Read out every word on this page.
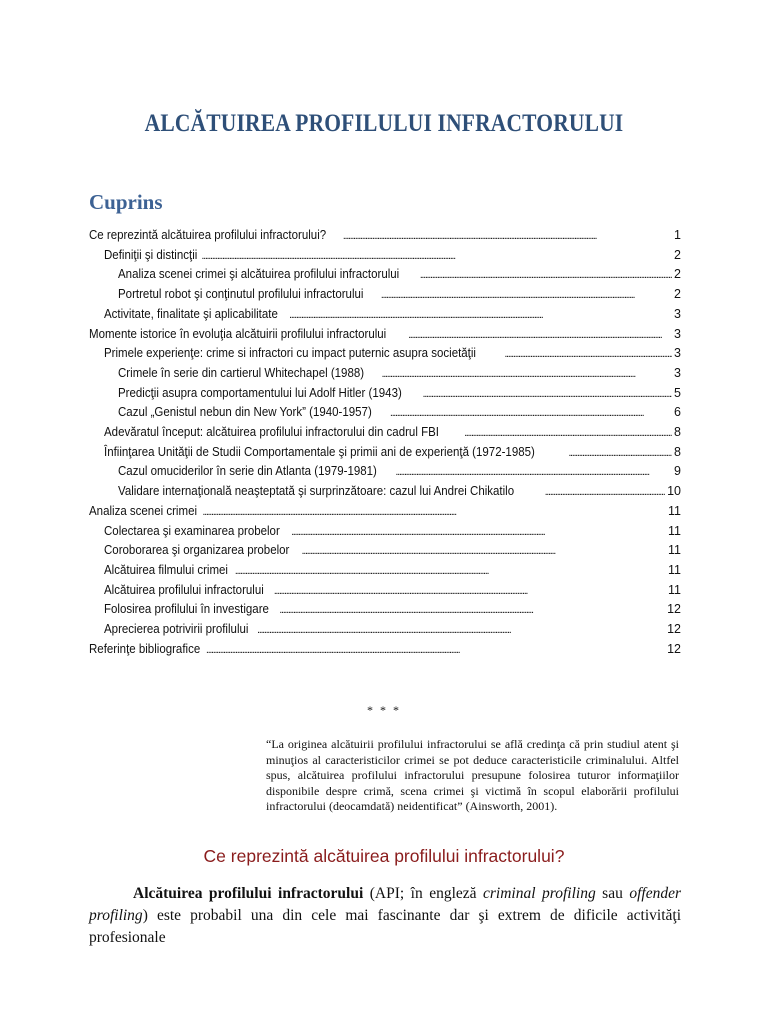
ALCĂTUIREA PROFILULUI INFRACTORULUI
Cuprins
Ce reprezintă alcătuirea profilului infractorului? . . .	1
Definiţii şi distincţii . . .	2
Analiza scenei crimei şi alcătuirea profilului infractorului . . .	2
Portretul robot şi conţinutul profilului infractorului . . .	2
Activitate, finalitate şi aplicabilitate . . .	3
Momente istorice în evoluţia alcătuirii profilului infractorului . . .	3
Primele experienţe: crime si infractori cu impact puternic asupra societăţii . . .	3
Crimele în serie din cartierul Whitechapel (1988) . . .	3
Predicţii asupra comportamentului lui Adolf Hitler (1943) . . .	5
Cazul „Genistul nebun din New York” (1940-1957) . . .	6
Adevăratul început: alcătuirea profilului infractorului din cadrul FBI . . .	8
Înfiinţarea Unităţii de Studii Comportamentale şi primii ani de experienţă (1972-1985) . . .	8
Cazul omuciderilor în serie din Atlanta (1979-1981) . . .	9
Validare internaţională neaşteptată şi surprinzătoare: cazul lui Andrei Chikatilo . . .	10
Analiza scenei crimei . . .	11
Colectarea şi examinarea probelor . . .	11
Coroborarea şi organizarea probelor . . .	11
Alcătuirea filmului crimei . . .	11
Alcătuirea profilului infractorului . . .	11
Folosirea profilului în investigare . . .	12
Aprecierea potrivirii profilului . . .	12
Referinţe bibliografice . . .	12
* * *
“La originea alcătuirii profilului infractorului se află credinţa că prin studiul atent şi minuţios al caracteristicilor crimei se pot deduce caracteristicile criminalului. Altfel spus, alcătuirea profilului infractorului presupune folosirea tuturor informaţiilor disponibile despre crimă, scena crimei şi victimă în scopul elaborării profilului infractorului (deocamdată) neidentificat” (Ainsworth, 2001).
Ce reprezintă alcătuirea profilului infractorului?

Alcătuirea profilului infractorului (API; în engleză criminal profiling sau offender profiling) este probabil una din cele mai fascinante dar şi extrem de dificile activităţi profesionale
